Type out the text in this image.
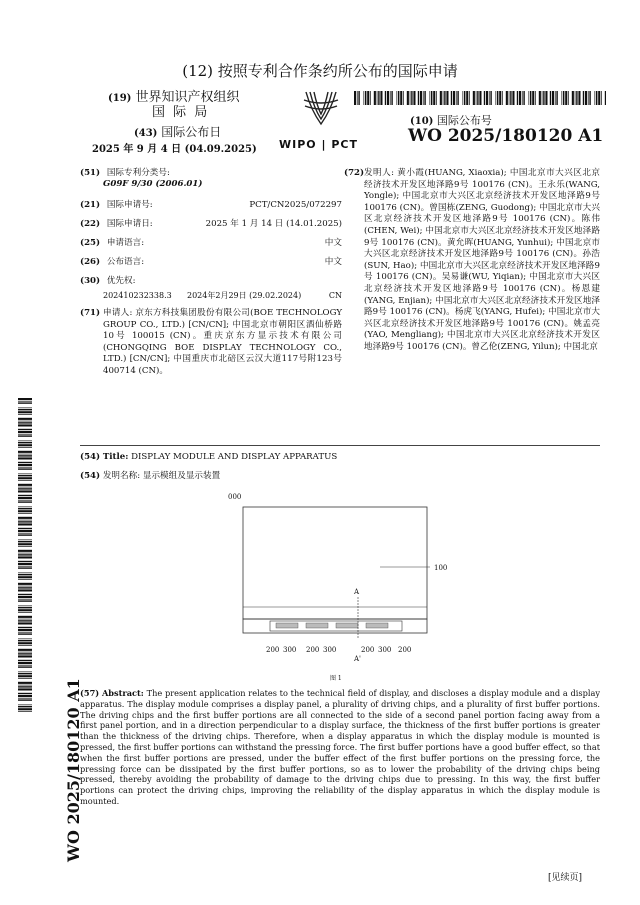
(12) 按照专利合作条约所公布的国际申请
(19) 世界知识产权组织
国 际 局
(43) 国际公布日
2025 年 9 月 4 日 (04.09.2025) WIPO | PCT
(10) 国际公布号
WO 2025/180120 A1
(51) 国际专利分类号:
G09F 9/30 (2006.01)
(21) 国际申请号:	PCT/CN2025/072297
(22) 国际申请日:	2025 年 1 月 14 日 (14.01.2025)
(25) 申请语言:	中文
(26) 公布语言:	中文
(30) 优先权:
202410232338.3 2024年2月29日 (29.02.2024)	CN
(71) 申请人: 京东方科技集团股份有限公司(BOE TECHNOLOGY GROUP CO., LTD.) [CN/CN]; 中国北京市朝阳区酒仙桥路10号 100015 (CN)。重庆京东方显示技术有限公司(CHONGQING BOE DISPLAY TECHNOLOGY CO., LTD.) [CN/CN]; 中国重庆市北碚区云汉大道117号附123号 400714 (CN)。
(72) 发明人: 黄小霞(HUANG, Xiaoxia); 中国北京市大兴区北京经济技术开发区地泽路9号 100176 (CN)。王永乐(WANG, Yongle); 中国北京市大兴区北京经济技术开发区地泽路9号 100176 (CN)。曾国栋(ZENG, Guodong); 中国北京市大兴区北京经济技术开发区地泽路9号 100176 (CN)。陈伟(CHEN, Wei); 中国北京市大兴区北京经济技术开发区地泽路9号 100176 (CN)。黄允晖(HUANG, Yunhui); 中国北京市大兴区北京经济技术开发区地泽路9号 100176 (CN)。孙浩(SUN, Hao); 中国北京市大兴区北京经济技术开发区地泽路9号 100176 (CN)。吴易谦(WU, Yiqian); 中国北京市大兴区北京经济技术开发区地泽路9号 100176 (CN)。杨恩建(YANG, Enjian); 中国北京市大兴区北京经济技术开发区地泽路9号 100176 (CN)。杨虎飞(YANG, Hufei); 中国北京市大兴区北京经济技术开发区地泽路9号 100176 (CN)。姚孟亮(YAO, Mengliang); 中国北京市大兴区北京经济技术开发区地泽路9号 100176 (CN)。曾乙伦(ZENG, Yilun); 中国北京
(54) Title: DISPLAY MODULE AND DISPLAY APPARATUS
(54) 发明名称: 显示模组及显示装置
000
100
A
A'
200 300 200 300	200 300 200
图 1
(57) Abstract: The present application relates to the technical field of display, and discloses a display module and a display apparatus. The display module comprises a display panel, a plurality of driving chips, and a plurality of first buffer portions. The driving chips and the first buffer portions are all connected to the side of a second panel portion facing away from a first panel portion, and in a direction perpendicular to a display surface, the thickness of the first buffer portions is greater than the thickness of the driving chips. Therefore, when a display apparatus in which the display module is mounted is pressed, the first buffer portions can withstand the pressing force. The first buffer portions have a good buffer effect, so that when the first buffer portions are pressed, under the buffer effect of the first buffer portions on the pressing force, the pressing force can be dissipated by the first buffer portions, so as to lower the probability of the driving chips being pressed, thereby avoiding the probability of damage to the driving chips due to pressing. In this way, the first buffer portions can protect the driving chips, improving the reliability of the display apparatus in which the display module is mounted.
WO 2025/180120 A1
[见续页]
